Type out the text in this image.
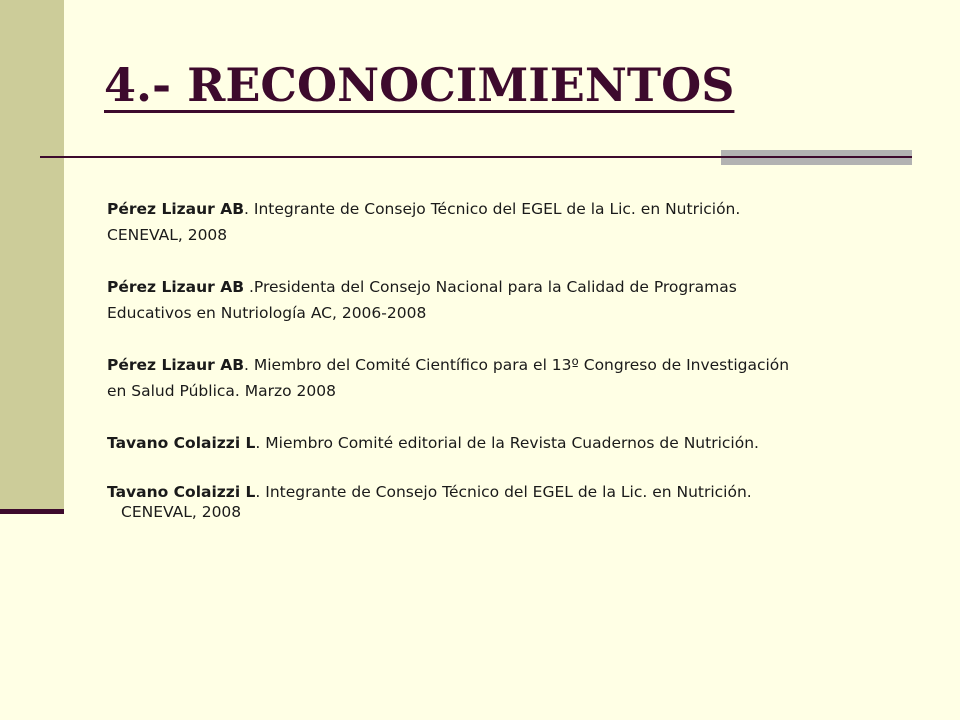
4.- RECONOCIMIENTOS

Pérez Lizaur AB. Integrante de Consejo Técnico del EGEL de la Lic. en Nutrición.
CENEVAL, 2008

Pérez Lizaur AB .Presidenta del Consejo Nacional para la Calidad de Programas
Educativos en Nutriología AC, 2006-2008

Pérez Lizaur AB. Miembro del Comité Científico para el 13º Congreso de Investigación
en Salud Pública. Marzo 2008

Tavano Colaizzi L. Miembro Comité editorial de la Revista Cuadernos de Nutrición.

Tavano Colaizzi L. Integrante de Consejo Técnico del EGEL de la Lic. en Nutrición.
CENEVAL, 2008
